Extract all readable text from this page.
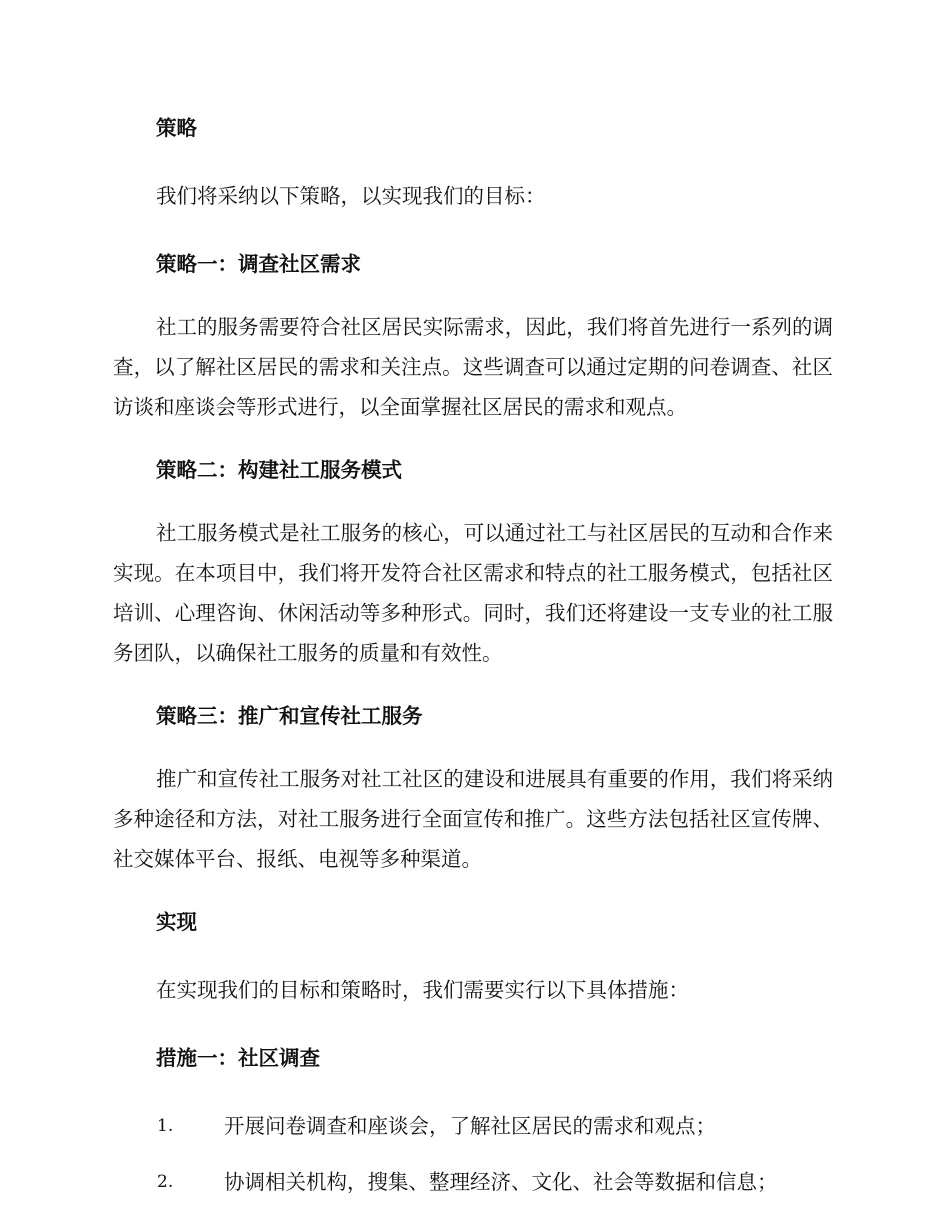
策略
我们将采纳以下策略，以实现我们的目标：
策略一：调查社区需求
社工的服务需要符合社区居民实际需求，因此，我们将首先进行一系列的调查，以了解社区居民的需求和关注点。这些调查可以通过定期的问卷调查、社区访谈和座谈会等形式进行，以全面掌握社区居民的需求和观点。
策略二：构建社工服务模式
社工服务模式是社工服务的核心，可以通过社工与社区居民的互动和合作来实现。在本项目中，我们将开发符合社区需求和特点的社工服务模式，包括社区培训、心理咨询、休闲活动等多种形式。同时，我们还将建设一支专业的社工服务团队，以确保社工服务的质量和有效性。
策略三：推广和宣传社工服务
推广和宣传社工服务对社工社区的建设和进展具有重要的作用，我们将采纳多种途径和方法，对社工服务进行全面宣传和推广。这些方法包括社区宣传牌、社交媒体平台、报纸、电视等多种渠道。
实现
在实现我们的目标和策略时，我们需要实行以下具体措施：
措施一：社区调查
1. 开展问卷调查和座谈会，了解社区居民的需求和观点；
2. 协调相关机构，搜集、整理经济、文化、社会等数据和信息；
